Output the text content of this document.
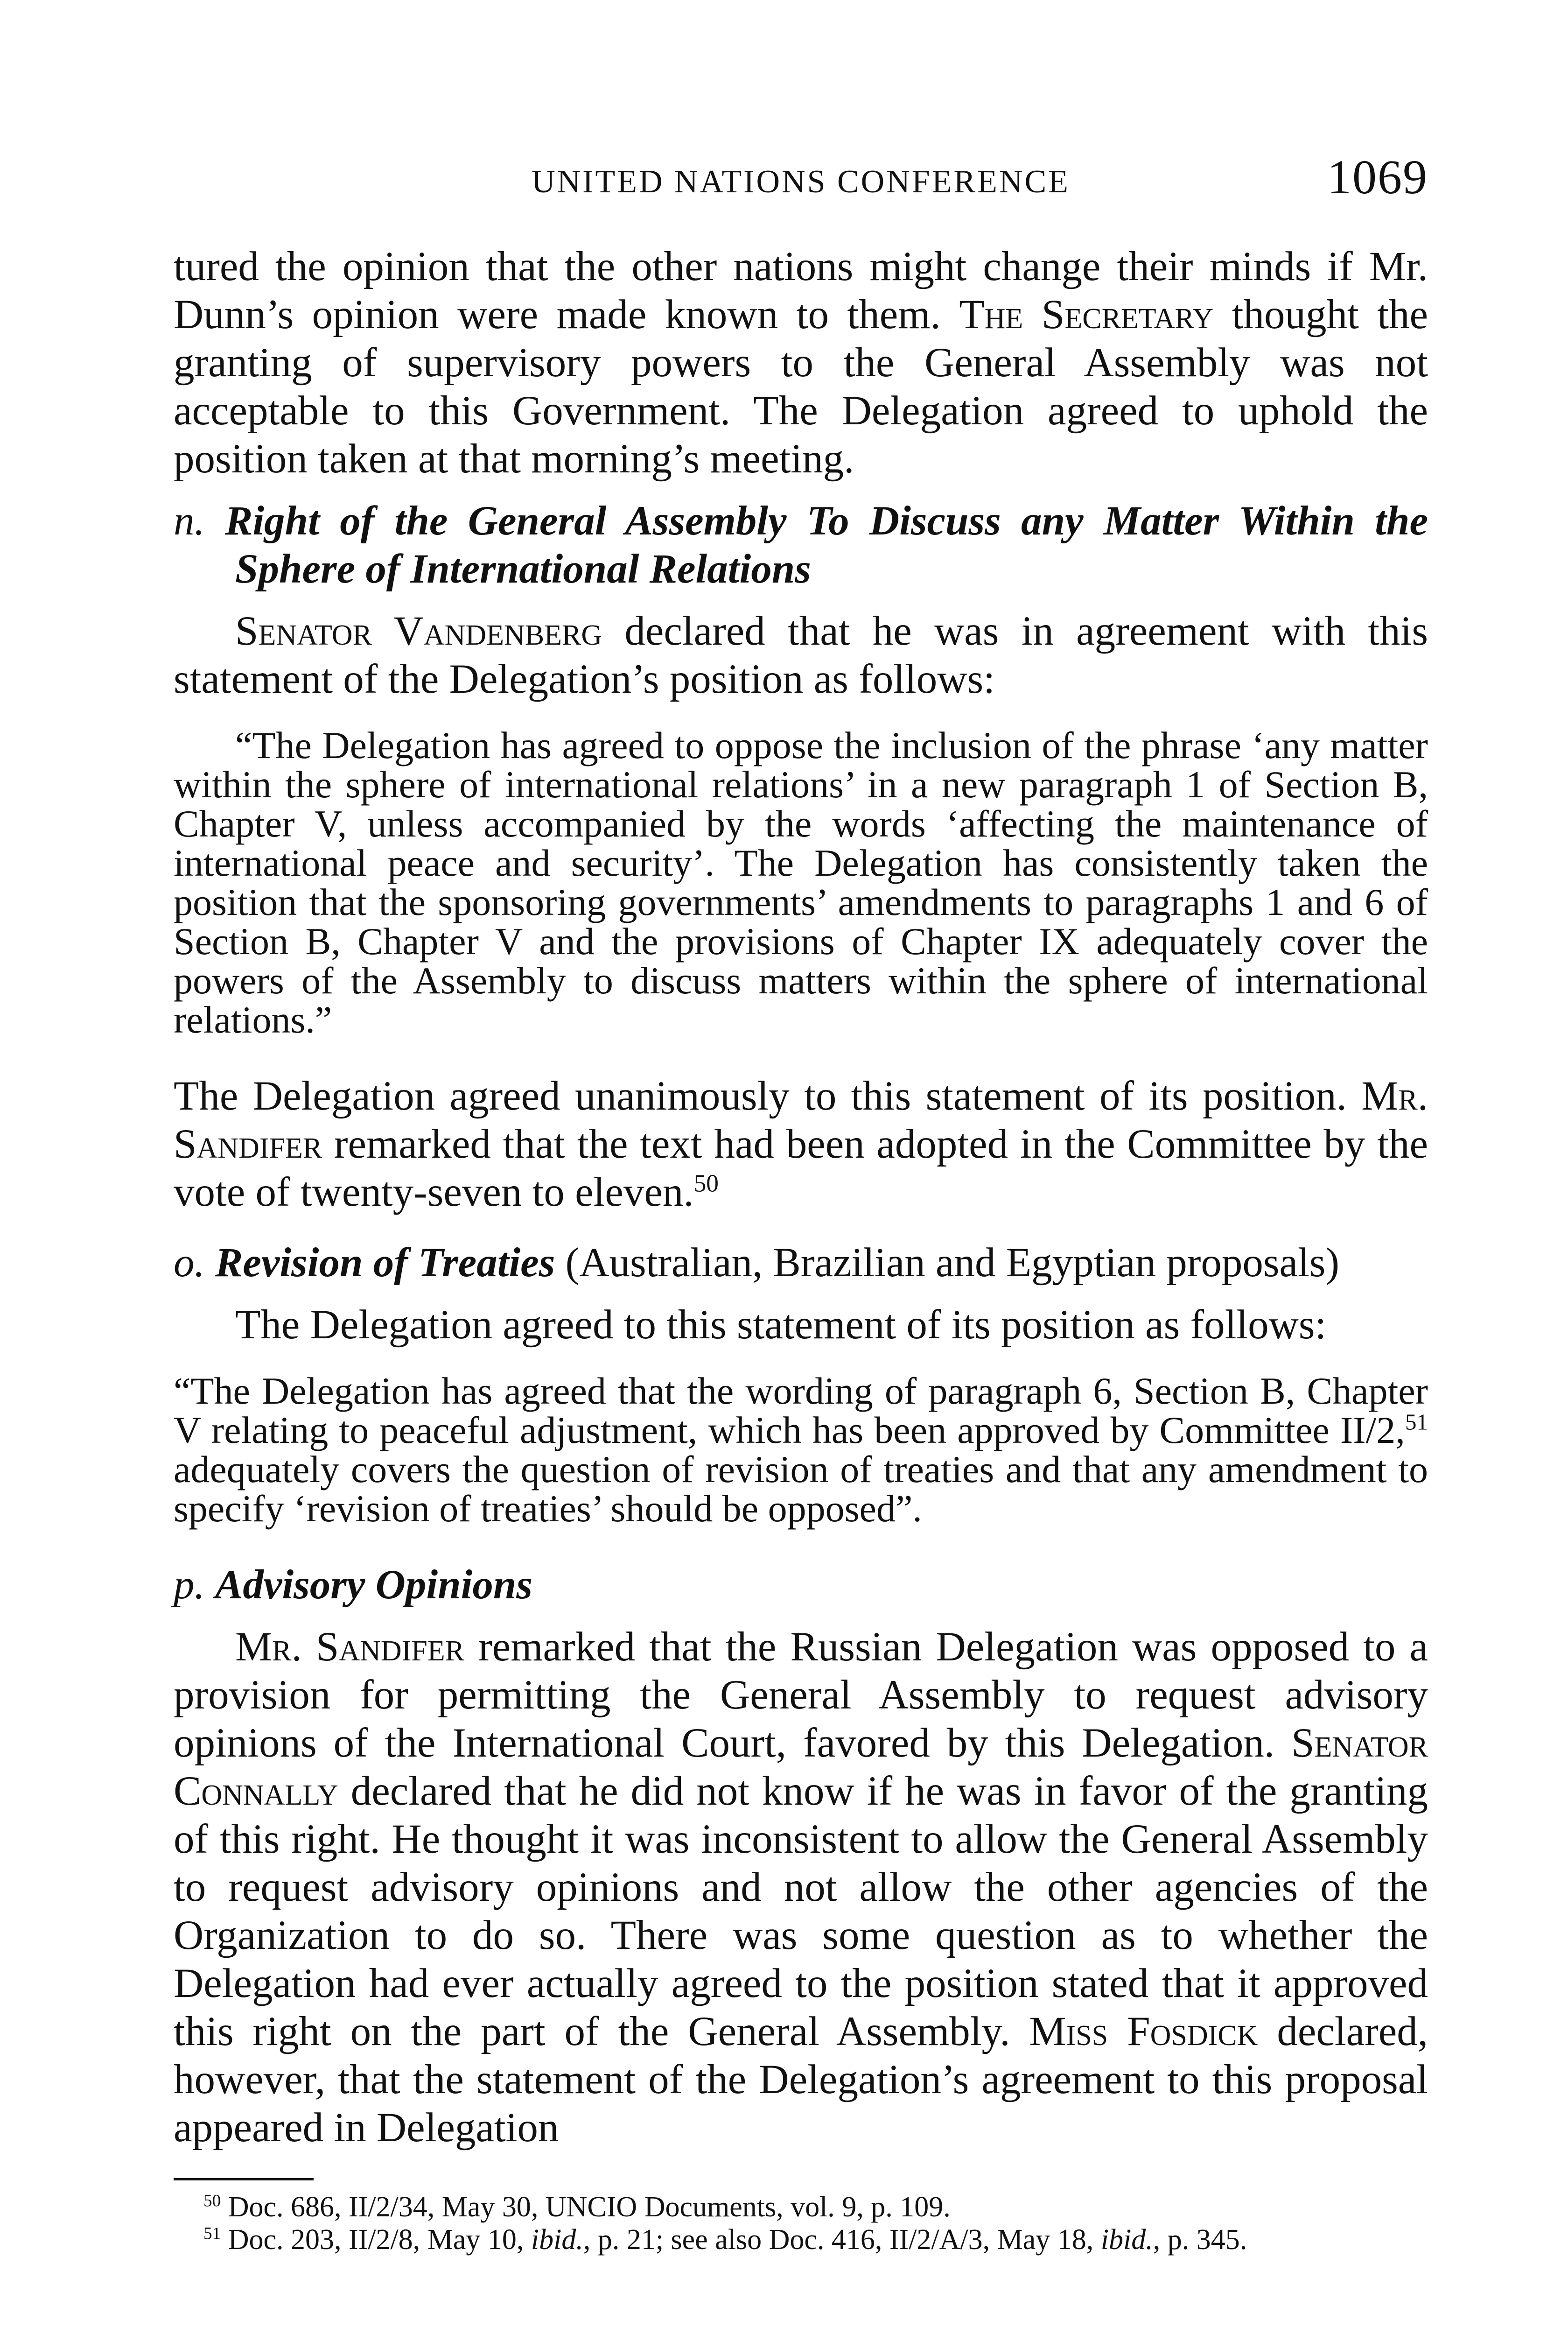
UNITED NATIONS CONFERENCE	1069

tured the opinion that the other nations might change their minds if Mr. Dunn’s opinion were made known to them. The Secretary thought the granting of supervisory powers to the General Assembly was not acceptable to this Government. The Delegation agreed to uphold the position taken at that morning’s meeting.

n. Right of the General Assembly To Discuss any Matter Within the Sphere of International Relations

Senator Vandenberg declared that he was in agreement with this statement of the Delegation’s position as follows:

“The Delegation has agreed to oppose the inclusion of the phrase ‘any matter within the sphere of international relations’ in a new paragraph 1 of Section B, Chapter V, unless accompanied by the words ‘affecting the maintenance of international peace and security’. The Delegation has consistently taken the position that the sponsoring governments’ amendments to paragraphs 1 and 6 of Section B, Chapter V and the provisions of Chapter IX adequately cover the powers of the Assembly to discuss matters within the sphere of international relations.”

The Delegation agreed unanimously to this statement of its position. Mr. Sandifer remarked that the text had been adopted in the Committee by the vote of twenty-seven to eleven.$^{50}$

o. Revision of Treaties (Australian, Brazilian and Egyptian proposals)

The Delegation agreed to this statement of its position as follows:

“The Delegation has agreed that the wording of paragraph 6, Section B, Chapter V relating to peaceful adjustment, which has been approved by Committee II/2,51 adequately covers the question of revision of treaties and that any amendment to specify ‘revision of treaties’ should be opposed”.

p. Advisory Opinions

Mr. Sandifer remarked that the Russian Delegation was opposed to a provision for permitting the General Assembly to request advisory opinions of the International Court, favored by this Delegation. Senator Connally declared that he did not know if he was in favor of the granting of this right. He thought it was inconsistent to allow the General Assembly to request advisory opinions and not allow the other agencies of the Organization to do so. There was some question as to whether the Delegation had ever actually agreed to the position stated that it approved this right on the part of the General Assembly. Miss Fosdick declared, however, that the statement of the Delegation’s agreement to this proposal appeared in Delegation

$^{50}$ Doc. 686, II/2/34, May 30, UNCIO Documents, vol. 9, p. 109.

$^{51}$ Doc. 203, II/2/8, May 10, ibid., p. 21; see also Doc. 416, II/2/A/3, May 18, ibid., p. 345.
